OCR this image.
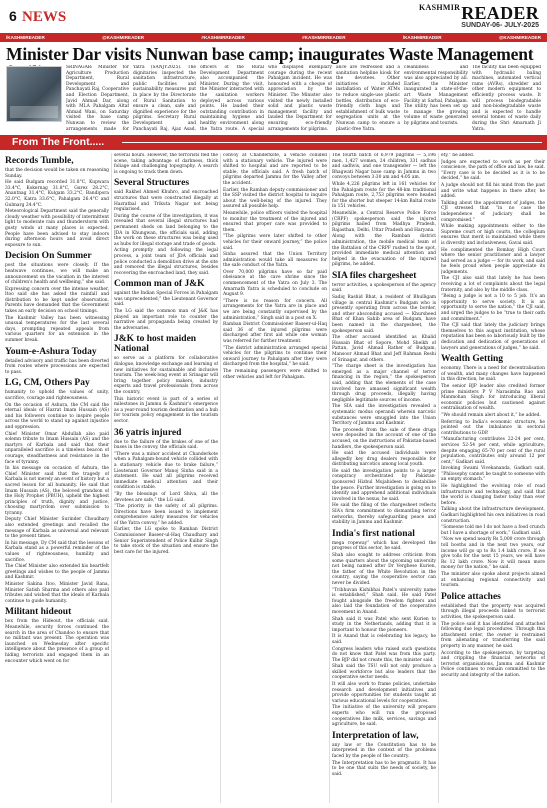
6 NEWS
$^{KASHMIR}$READER
SUNDAY-06- JULY-2025
/KASHMIREADER	@KASHMIREADER	#KASHMIRREADER	#KASHMIRREADER	/KASHMIREADER	@KASHMIREADER
Minister Dar visits Nunwan base camp; inaugurates Waste Management
SRINAGAR: Minister for Agriculture Production Department, Rural Development and Panchayati Raj, Cooperative and Election Department, Javid Ahmad Dar, along with MLA Pahalgam Altaf Ahmad Wani, on Saturday visited the base camp Nunwan to review the arrangements made for
Yatra (SANJY2025). The dignitaries inspected the sanitation infrastructure, public facilities and sustainability measures put in place by the Directorate of Rural Sanitation to ensure a clean, safe and dignified experience for the pilgrims. Secretary Rural Development and Panchayati Raj, Ajaz Asad,
officers of the Rural Development Department also accompanied the Minister. During the visit, the Minister interacted with the sanitation workers deployed across various points. He lauded their outstanding contribution in maintaining hygiene and healthy environment along the Yatra route. A special
who displayed exemplary courage during the recent Pahalgam incident. He was honoured with a cheque of appreciation by the Minister. The Minister also visited the newly installed solid and plastic waste management facility and lauded the Department for ensuring eco-friendly arrangements for pilgrims.
ance are redressed and a sanitation helpline kiosk for the devotees. Other initiatives included installation of Water ATMs to reduce single-use plastic bottles, distribution of eco-friendly cloth bags and establishment of bulk waste segregation units at the Nunwan camp to ensure a plastic-free Yatra.
cleanliness and environmental responsibility was also appreciated by all. Earlier, the Minister inaugurated a state-of-the-art Waste Management Facility at Sarbal, Pahalgam. The utility has been set up to manage the growing volume of waste generated by pilgrims and tourists.
The facility has been equipped with hydraulic baling machines, automated vertical rams (AVRs), shredder and other modern equipment to efficiently process waste. It will process biodegradable and non-biodegradable waste and is expected to handle several tonnes of waste daily during the Shri Amarnath Ji Yatra.
From The Front.....
Records Tumble,

that the decision would be taken on reasoning Sunday.

He said Budgam recorded 31.8°C, Kupwara 33.4°C, Kokernag 31.8°C, Gurez 28.2°C, Anantnag 31.4°C, Kulgam 33.2°C, Bandipora 32.0°C, Katra 33.6°C, Pahalgam 26.4°C and Gulmarg 24.4°C.

Meteorological Department said the generally cloudy weather with possibility of intermittent light to moderate rain and thunderstorm with gusty winds at many places is expected. People have been advised to stay indoors during afternoon hours and avoid direct exposure to sun.

Decision On Summer

post the situations were closely. If the heatwave continues, we will make an announcement on the vacation in the interest of children's health and wellbeing,” she said.

Expressing concern over the intense weather, Itoo said she has asked the rainfall and distribution to be kept under observation. Parents have demanded that the Government takes an early decision on school timings.

The Kashmir Valley has been witnessing unusual temperatures for the last several days, prompting repeated appeals from various quarters for an extension in the summer break.

Youm-e-Ashura Today

detailed advisory and traffic has been diverted from routes where processions are expected to pass.

LG, CM, Others Pay

humanity to uphold the values of unity, sacrifice, courage and righteousness.

On the occasion of Ashura, the CM said the eternal ideals of Hazrat Imam Hussain (AS) and his followers continue to inspire people across the world to stand up against injustice and oppression.

Chief Minister Omar Abdullah also paid solemn tribute to Imam Hussain (AS) and the martyrs of Karbala and said that their unparalleled sacrifice is a timeless beacon of courage, steadfastness and resistance in the face of tyranny.

In his message on occasion of Ashura, the Chief Minister said that the tragedy of Karbala is not merely an event of history but a sacred lesson for all humanity. He said that Imam Hussain (AS), the beloved grandson of the Holy Prophet (PBUH), upheld the highest principles of truth, dignity and justice, choosing martyrdom over submission to tyranny.

Deputy Chief Minister Surinder Choudhary also extended greetings and recalled the message of Karbala as universal and relevant to the present times.

In his message, Dy CM said that the lessons of Karbala stand as a powerful reminder of the values of righteousness, humility and sacrifice.

The Chief Minister also extended his heartfelt greetings and wishes to the people of Jammu and Kashmir.

Minister Sakina Itoo, Minister Javid Rana, Minister Satish Sharma and others also paid tributes and wished that the ideals of Karbala continue to guide humanity.

Militant hideout

box from the Hideout, the officials said. Meanwhile, security forces continued the search in the area of Chandoo to ensure that no militant was present. The operation was launched on Wednesday after specific intelligence about the presence of a group of hiding terrorists and engaged them in an encounter which went on for

several hours. However, the terrorists fled the scene, taking advantage of darkness, thick foliage and challenging topography. A search is ongoing to track them down.

Several Structures

said Rakhel Ahmed Khuhro, and encroached structures that were constructed illegally at Hazratbal and Trikuta Nagar not being regularised.

During the course of the investigation, it was revealed that several illegal structures had permanent sheds on land belonging to the JDA in Khungwan, the officials said, adding the work on these structures was being used as hubs for illegal storage and trade of goods.

Acting promptly and following the legal process, a joint team of JDA officials and police conducted a demolition drive at the site and removed the illegal structures, besides recovering the encroached land, they said.

Common man of J&K

against the Indian Special Forces in Pahalgam was unprecedented,” the Lieutenant Governor said.

The LG said the common man of J&K has played an important role to counter the narrative and propaganda being created by the adversaries.

J&K to host maiden National

so serve as a platform for collaborative dialogue, knowledge exchange and learning of new initiatives for sustainable and inclusive tourism. The week-long event at Srinagar will bring together policy makers, industry experts and travel professionals from across the country.

This historic event is part of a series of milestones in Jammu & Kashmir’s emergence as a year-round tourism destination and a hub for tourism policy engagement in the tourism sector.

36 yatris injured

due to the failure of the brakes of one of the buses in the convoy, the officials said.

“There was a minor accident at Chanderkote when a Pahalgam-bound vehicle collided with a stationary vehicle due to brake failure,” Lieutenant Governor Manoj Sinha said in a statement. He said all pilgrims received immediate medical attention and their condition is stable.

“By the blessings of Lord Shiva, all the devotees are safe,” the LG said.

“The priority is the safety of all pilgrims. Directions have been issued to implement comprehensive safety measures for vehicles of the Yatra convoy,” he added.

Earlier, the LG spoke to Ramban District Commissioner Baseer-ul-Haq Chaudhary and Senior Superintendent of Police Kulbir Singh to take stock of the situation and ensure the best care for the injured.

convoy at Chanderkote, a vehicle collided with a stationary vehicle. The injured were shifted to hospital and are reported to be stable, the officials said. A fresh batch of pilgrims departed Jammu for the Valley after the accident.

Earlier, the Ramban deputy commissioner and the SSP visited the district hospital to inquire about the well-being of the injured. They assured all possible help.

Meanwhile, police officers visited the hospital to monitor the treatment of the injured and ensured that proper care was provided to them.

“The pilgrims were later shifted to other vehicles for their onward journey,” the police said.

Sinha assured that the Union Territory administration would take all measures for the safe conduct of the Yatra.

Over 70,000 pilgrims have so far paid obeisance at the cave shrine since the commencement of the Yatra on July 3. The Amarnath Yatra is scheduled to conclude on August 9.

“There is no reason for concern. All arrangements for the Yatra are in place and we are being constantly supervised by the administration,” Singh said in a post on X.

Ramban District Commissioner Baseer-ul-Haq said 36 of the injured pilgrims were discharged after first aid while one woman was referred for further treatment.

“The district administration arranged special vehicles for the pilgrims to continue their onward journey to Pahalgam after they were discharged from the hospital,” he said.

The remaining passengers were shifted to other vehicles and left for Pahalgam.

The fourth batch of 6,979 pilgrims — 5,196 men, 1,427 women, 24 children, 331 sadhus and sadhvis, and one transgender — left the Bhagwati Nagar base camp in Jammu in two convoys between 3:30 am and 4:05 am.

While 4,226 pilgrims left in 161 vehicles for the Pahalgam route for the 48-km traditional Pahalgam route, 2,753 pilgrims were headed for the shorter but steeper 14-km Baltal route in 151 vehicles.

Meanwhile, a Central Reserve Police Force (CRPF) spokesperson said the injured pilgrims hailed from Madhya Pradesh, Rajasthan, Delhi, Uttar Pradesh and Haryana.

Along with the Ramban district administration, the mobile medical team of the Battalion of the CRPF rushed to the spot, provided immediate medical attention and helped in the evacuation of the injured pilgrims, he added.

SIA files chargesheet

terror activities, a spokesperson of the agency said.

Sadiq Rashid Bhat, a resident of Bhulligam village in central Kashmir’s Budgam who is presently operating from across the border, and other absconding accused — Khursheed Bhat of Khan Sahib area of Budgam, have been named in the chargesheet, the spokesperson said.

The other accused identified as Khalid Hussain Bhat of Sopore, Mohd Sheikh of Pattan, Javid Ahmad Rather of Budgam, Mansoor Ahmad Bhat and Jeff Rahman Reshi of Srinagar, and others.

“The charge sheet is the investigation has emerged as a major channel of terror financing in the region,” the spokesperson said, adding that the elements of the case involved have amassed significant wealth through drug proceeds, illegally having negligible legitimate sources of income.

The SIA said the investigation revealed a systematic modus operandi wherein narcotic substances were smuggled into the Union Territory of Jammu and Kashmir.

The proceeds from the sale of these drugs were deposited in the account of one of the accused, on the instructions of Pakistan-based handlers, the spokesperson said.

He said the accused individuals were allegedly key drug dealers responsible for distributing narcotics among local youth.

He said the investigation points to a larger conspiracy orchestrated by Pakistan-sponsored Hizbul Mujahideen to destabilise the peace. Further investigation is going on to identify and apprehend additional individuals involved in the nexus, he said.

He said the filing of the chargesheet reflects SIA’s firm commitment to dismantling terror networks, thereby safeguarding peace and stability in Jammu and Kashmir.

India's first national

mega ropeway” which has developed the progress of this sector, he said.

Shah also sought to address criticism from some quarters about the upcoming university not being named after Dr Verghese Kurien, the father of the White Revolution in the country, saying the cooperative sector can never be divided.

“Tribhuvan Kishibhai Patel’s university name is established,” Shah said. He said Patel fought alongside the freedom fighters and also laid the foundation of the cooperative movement in Anand.

Shah said it was Patel who sent Kurien to study in the Netherlands, adding that it is important to honour the pioneers.

It is Anand that is celebrating his legacy, he said.

Congress leaders who raised such questions do not know that Patel was from this party. The BJP did not create this, the minister said.

Shah said the TSU will not only produce a skilled workforce but also leaders that the cooperative sector needs.

It will also work to frame policies, undertake research and development initiatives and provide opportunities for students taught at various educational levels for cooperatives.

The initiative of the university will prepare experts who will run the proposed cooperatives like milk, services, savings and agriculture, he said.

Interpretation of law,

any law or the Constitution has to be interpreted in the context of the problems faced by the people of the country.

The Interpretation has to be pragmatic. It has to be one that suits the needs of society, he said.

ety,” he added.

Judges are expected to work as per their conscience, the path of office and law, he said. “Every case is to be decided as it is to be decided,” he said.

A judge should not fill his mind from the past and write what happens in there after, he added.

Talking about the appointment of judges, the CJI stressed that “in no case the independence of judiciary shall be compromised.”

While making appointments either to the Supreme court or high courts, the collegium ensures that merit is maintained while there is diversity and inclusiveness, Gavai said.

He complimented the Bombay High Court where the senior practitioner and a lawyer had served as a judge — for its work, and said he feels proud when people appreciate its judgements.

The CJI also said that lately he has been receiving a lot of complaints about the legal fraternity, and also by the middle class.

“Being a judge is not a 10 to 5 job. It’s an opportunity to serve society. It is an opportunity to serve the nation,” the CJI said, and urged the judges to be “true to their oath and commitment.”

The CJI said that lately the judiciary brings themselves to this august institution, whose reputation has been so laboriously built by the dedication and dedication of generations of lawyers and generations of judges,” he said.

Wealth Getting

economy. There is a need for decentralisation of wealth, and many changes have happened in this direction, he said.

The senior BJP leader also credited former prime ministers P V Narasimha Rao and Manmohan Singh for introducing liberal economic policies but cautioned against centralisation of wealth.

“We should remain alert about it,” he added.

Referring to India’s economic structure, he pointed out the imbalance in sectoral contributions to GDP.

“Manufacturing contributes 22-24 per cent, services 52-54 per cent, while agriculture, despite engaging 65-70 per cent of the rural population, contributes only around 12 per cent,” Gadkari said.

Invoking Swami Vivekananda, Gadkari said, “Philosophy cannot be taught to someone with an empty stomach.”

He highlighted the evolving role of road infrastructure and technology, and said that the world is changing faster today than ever before.

Talking about the infrastructure development, Gadkari highlighted his own initiatives in road construction.

“Someone told me I do not have a food crunch but I have a shortage of work,” Gadkari said.

“Now we spend nearly Rs 5,000 crore through toll booths and in the next two years, our income will go up to Rs 1.4 lakh crore. If we give tolls for the next 15 years, we will have Rs 12 lakh crore. Now it will mean more money for the nation,” he said.

The minister also spoke about projects aimed at enhancing regional connectivity and tourism.

Police attaches

established that the property was acquired through illegal proceeds linked to terrorist activities, the spokesperson said.

The police said it has identified and attached following due legal procedures. Through this attachment order, the owner is restrained from alienating or transferring the said property in any manner, he said.

According to the spokesperson, by targeting and crippling the financial networks of terrorist organisations, Jammu and Kashmir Police continues to remain committed to the security and integrity of the nation.
